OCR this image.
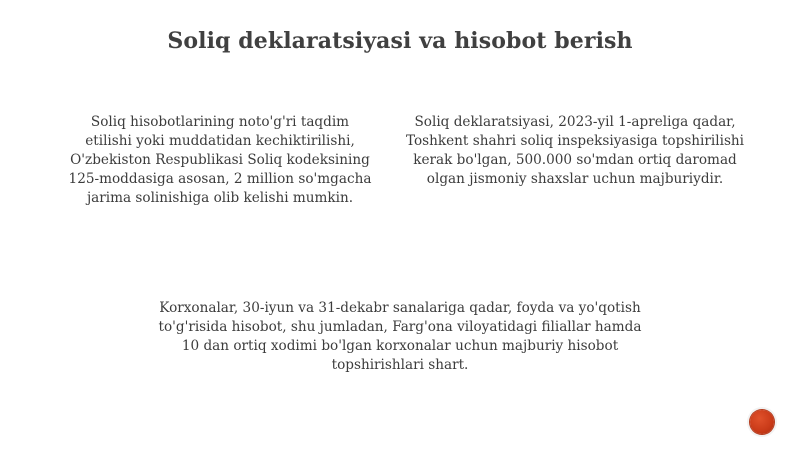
Soliq deklaratsiyasi va hisobot berish

Soliq hisobotlarining noto'g'ri taqdim
etilishi yoki muddatidan kechiktirilishi,
O'zbekiston Respublikasi Soliq kodeksining
125-moddasiga asosan, 2 million so'mgacha
jarima solinishiga olib kelishi mumkin.

Soliq deklaratsiyasi, 2023-yil 1-apreliga qadar,
Toshkent shahri soliq inspeksiyasiga topshirilishi
kerak bo'lgan, 500.000 so'mdan ortiq daromad
olgan jismoniy shaxslar uchun majburiydir.

Korxonalar, 30-iyun va 31-dekabr sanalariga qadar, foyda va yo'qotish
to'g'risida hisobot, shu jumladan, Farg'ona viloyatidagi filiallar hamda
10 dan ortiq xodimi bo'lgan korxonalar uchun majburiy hisobot
topshirishlari shart.
